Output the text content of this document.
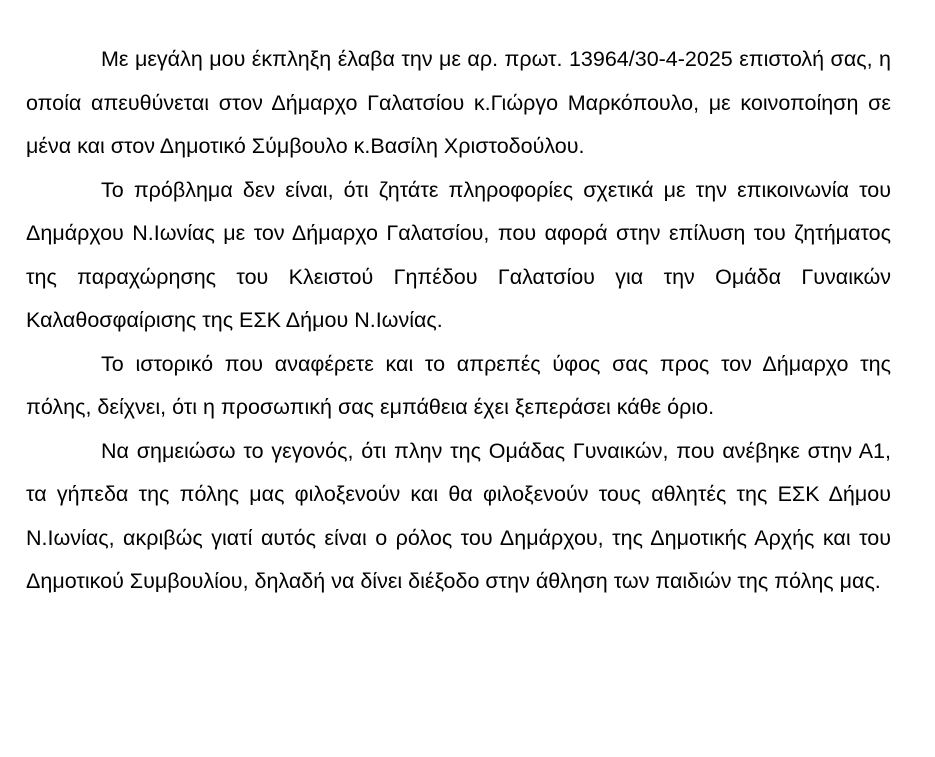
Με μεγάλη μου έκπληξη έλαβα την με αρ. πρωτ. 13964/30-4-2025 επιστολή σας, η οποία απευθύνεται στον Δήμαρχο Γαλατσίου κ.Γιώργο Μαρκόπουλο, με κοινοποίηση σε μένα και στον Δημοτικό Σύμβουλο κ.Βασίλη Χριστοδούλου.

Το πρόβλημα δεν είναι, ότι ζητάτε πληροφορίες σχετικά με την επικοινωνία του Δημάρχου Ν.Ιωνίας με τον Δήμαρχο Γαλατσίου, που αφορά στην επίλυση του ζητήματος της παραχώρησης του Κλειστού Γηπέδου Γαλατσίου για την Ομάδα Γυναικών Καλαθοσφαίρισης της ΕΣΚ Δήμου Ν.Ιωνίας.

Το ιστορικό που αναφέρετε και το απρεπές ύφος σας προς τον Δήμαρχο της πόλης, δείχνει, ότι η προσωπική σας εμπάθεια έχει ξεπεράσει κάθε όριο.

Να σημειώσω το γεγονός, ότι πλην της Ομάδας Γυναικών, που ανέβηκε στην Α1, τα γήπεδα της πόλης μας φιλοξενούν και θα φιλοξενούν τους αθλητές της ΕΣΚ Δήμου Ν.Ιωνίας, ακριβώς γιατί αυτός είναι ο ρόλος του Δημάρχου, της Δημοτικής Αρχής και του Δημοτικού Συμβουλίου, δηλαδή να δίνει διέξοδο στην άθληση των παιδιών της πόλης μας.
